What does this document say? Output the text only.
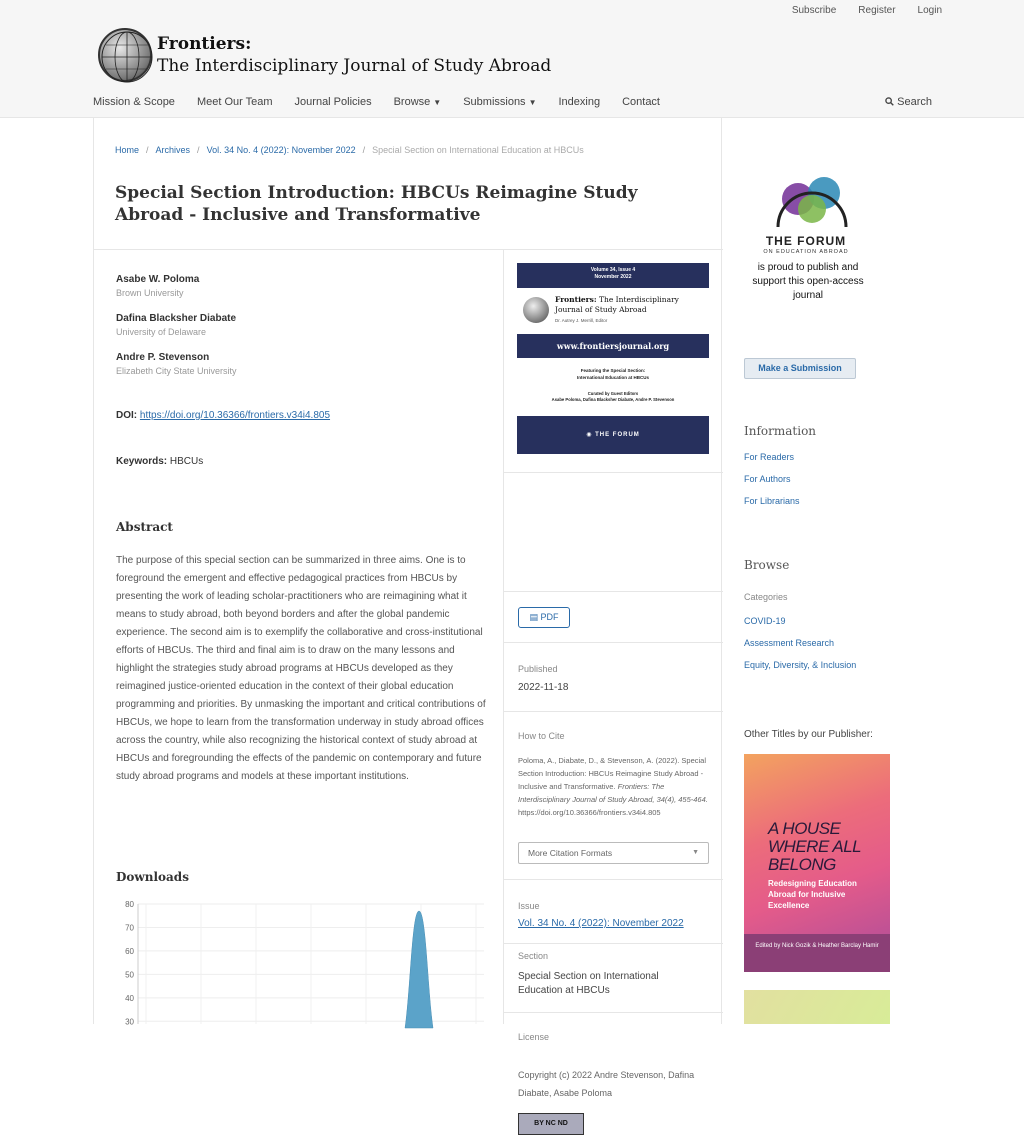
Subscribe Register Login
Frontiers:
The Interdisciplinary Journal of Study Abroad
Mission & Scope Meet Our Team Journal Policies Browse ▼ Submissions ▼ Indexing Contact	Search
Home / Archives / Vol. 34 No. 4 (2022): November 2022 / Special Section on International Education at HBCUs
Special Section Introduction: HBCUs Reimagine Study Abroad - Inclusive and Transformative
Asabe W. Poloma
Brown University
Dafina Blacksher Diabate
University of Delaware
Andre P. Stevenson
Elizabeth City State University
DOI: https://doi.org/10.36366/frontiers.v34i4.805
Keywords: HBCUs
Abstract

The purpose of this special section can be summarized in three aims. One is to foreground the emergent and effective pedagogical practices from HBCUs by presenting the work of leading scholar-practitioners who are reimagining what it means to study abroad, both beyond borders and after the global pandemic experience. The second aim is to exemplify the collaborative and cross-institutional efforts of HBCUs. The third and final aim is to draw on the many lessons and highlight the strategies study abroad programs at HBCUs developed as they reimagined justice-oriented education in the context of their global education programming and priorities. By unmasking the important and critical contributions of HBCUs, we hope to learn from the transformation underway in study abroad offices across the country, while also recognizing the historical context of study abroad at HBCUs and foregrounding the effects of the pandemic on contemporary and future study abroad programs and models at these important institutions.

Downloads
30
40
50
60
70
80
Volume 34, Issue 4
November 2022
Frontiers: The Interdisciplinary Journal of Study Abroad
Dr. Autrey J. Merrill, Editor
www.frontiersjournal.org
Featuring the Special Section:
International Education at HBCUs
Curated by Guest Editors
Asabe Poloma, Dafina Blacksher Diabate, Andre P. Stevenson
◉ THE FORUM
▤ PDF
Published
2022-11-18
How to Cite
Poloma, A., Diabate, D., & Stevenson, A. (2022). Special Section Introduction: HBCUs Reimagine Study Abroad - Inclusive and Transformative. Frontiers: The Interdisciplinary Journal of Study Abroad, 34(4), 455-464. https://doi.org/10.36366/frontiers.v34i4.805
More Citation Formats	▼
Issue
Vol. 34 No. 4 (2022): November 2022
Section
Special Section on International Education at HBCUs
License
Copyright (c) 2022 Andre Stevenson, Dafina Diabate, Asabe Poloma
BY NC ND
THE FORUM
ON EDUCATION ABROAD
is proud to publish and support this open-access journal
Make a Submission
Information
For Readers
For Authors
For Librarians
Browse
Categories
COVID-19
Assessment Research
Equity, Diversity, & Inclusion
Other Titles by our Publisher:
A HOUSE WHERE ALL BELONG
Redesigning Education Abroad for Inclusive Excellence
Edited by Nick Gozik & Heather Barclay Hamir
